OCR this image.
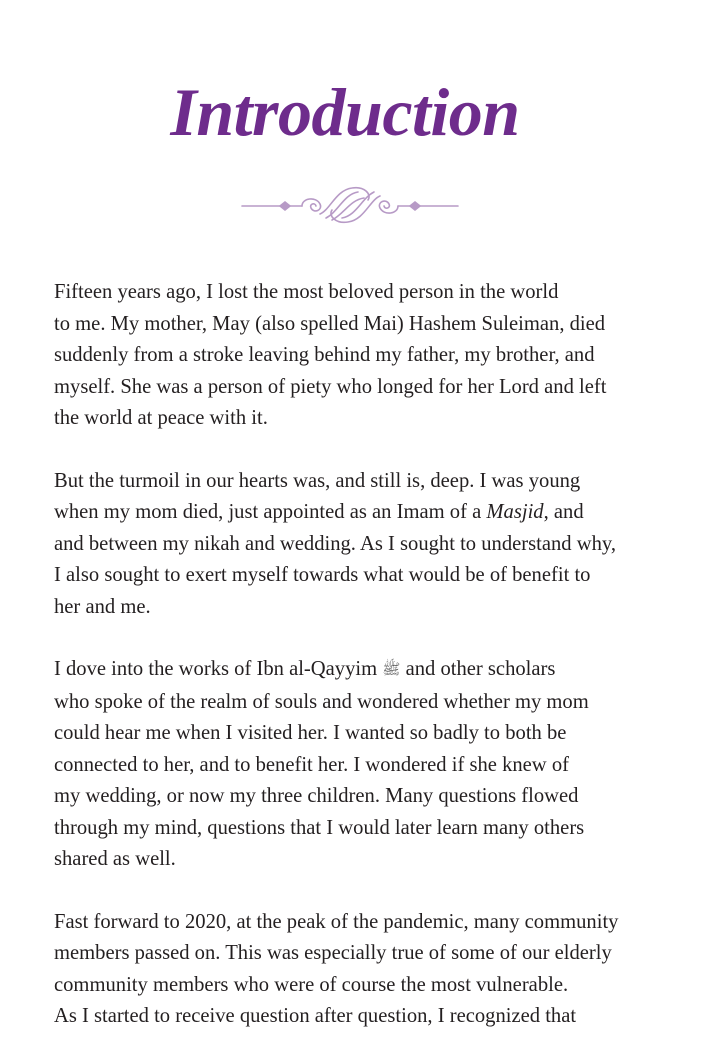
Introduction

Fifteen years ago, I lost the most beloved person in the world
to me. My mother, May (also spelled Mai) Hashem Suleiman, died
suddenly from a stroke leaving behind my father, my brother, and
myself. She was a person of piety who longed for her Lord and left
the world at peace with it.

But the turmoil in our hearts was, and still is, deep. I was young
when my mom died, just appointed as an Imam of a Masjid, and
and between my nikah and wedding. As I sought to understand why,
I also sought to exert myself towards what would be of benefit to
her and me.

I dove into the works of Ibn al-Qayyim ﷺ and other scholars
who spoke of the realm of souls and wondered whether my mom
could hear me when I visited her. I wanted so badly to both be
connected to her, and to benefit her. I wondered if she knew of
my wedding, or now my three children. Many questions flowed
through my mind, questions that I would later learn many others
shared as well.

Fast forward to 2020, at the peak of the pandemic, many community
members passed on. This was especially true of some of our elderly
community members who were of course the most vulnerable.
As I started to receive question after question, I recognized that
